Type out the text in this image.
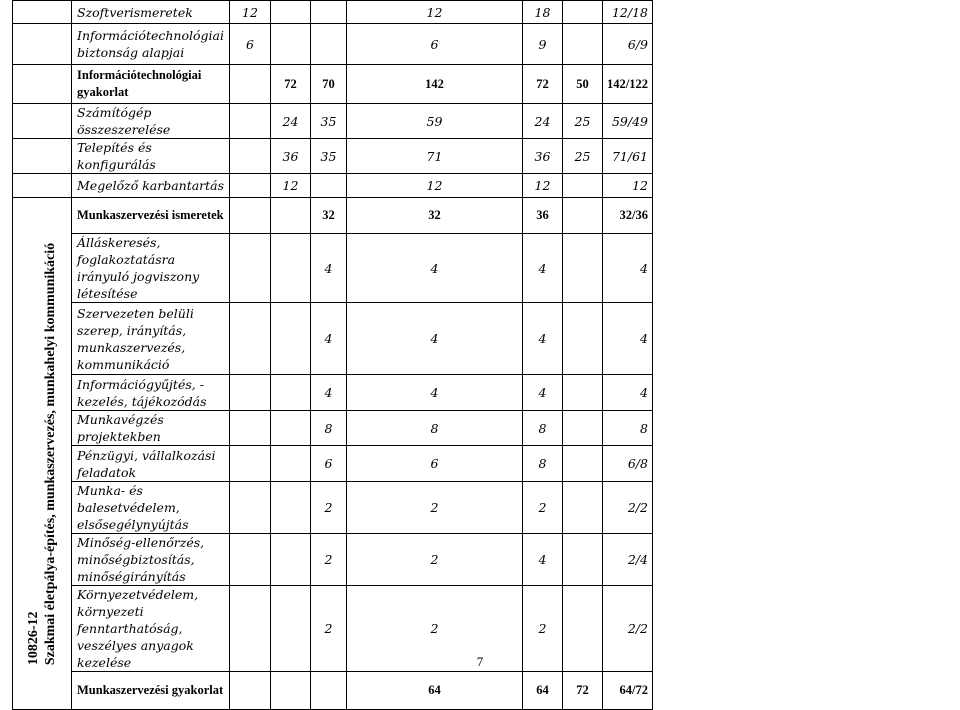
	Szoftverismeretek	12			12	18		12/18
	Információtechnológiai biztonság alapjai	6			6	9		6/9
	Információtechnológiai gyakorlat		72	70	142	72	50	142/122
	Számítógép összeszerelése		24	35	59	24	25	59/49
	Telepítés és konfigurálás		36	35	71	36	25	71/61
	Megelőző karbantartás		12		12	12		12

10826-12 Szakmai életpálya-építés, munkaszervezés, munkahelyi kommunikáció	Munkaszervezési ismeretek			32	32	36		32/36
	Álláskeresés, foglakoztatásra irányuló jogviszony létesítése			4	4	4		4
	Szervezeten belüli szerep, irányítás, munkaszervezés, kommunikáció			4	4	4		4
	Információgyűjtés, -kezelés, tájékozódás			4	4	4		4
	Munkavégzés projektekben			8	8	8		8
	Pénzügyi, vállalkozási feladatok			6	6	8		6/8
	Munka- és balesetvédelem, elsősegélynyújtás			2	2	2		2/2
	Minőség-ellenőrzés, minőségbiztosítás, minőségirányítás			2	2	4		2/4
	Környezetvédelem, környezeti fenntarthatóság, veszélyes anyagok kezelése			2	2	2		2/2
	Munkaszervezési gyakorlat				64	64	72	64/72
7
